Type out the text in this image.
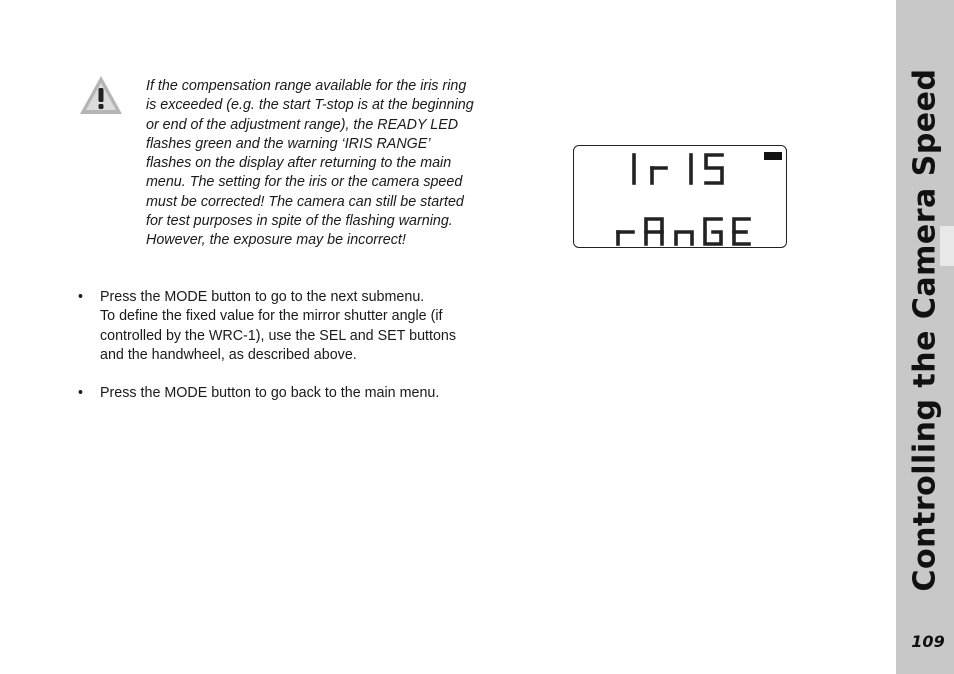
If the compensation range available for the iris ring is exceeded (e.g. the start T-stop is at the beginning or end of the adjustment range), the READY LED flashes green and the warning ‘IRIS RANGE’ flashes on the display after returning to the main menu. The setting for the iris or the camera speed must be corrected! The camera can still be started for test purposes in spite of the flashing warning. However, the exposure may be incorrect!

• Press the MODE button to go to the next submenu.
To define the fixed value for the mirror shutter angle (if controlled by the WRC-1), use the SEL and SET buttons and the handwheel, as described above.
• Press the MODE button to go back to the main menu.	Controlling the Camera Speed
109
